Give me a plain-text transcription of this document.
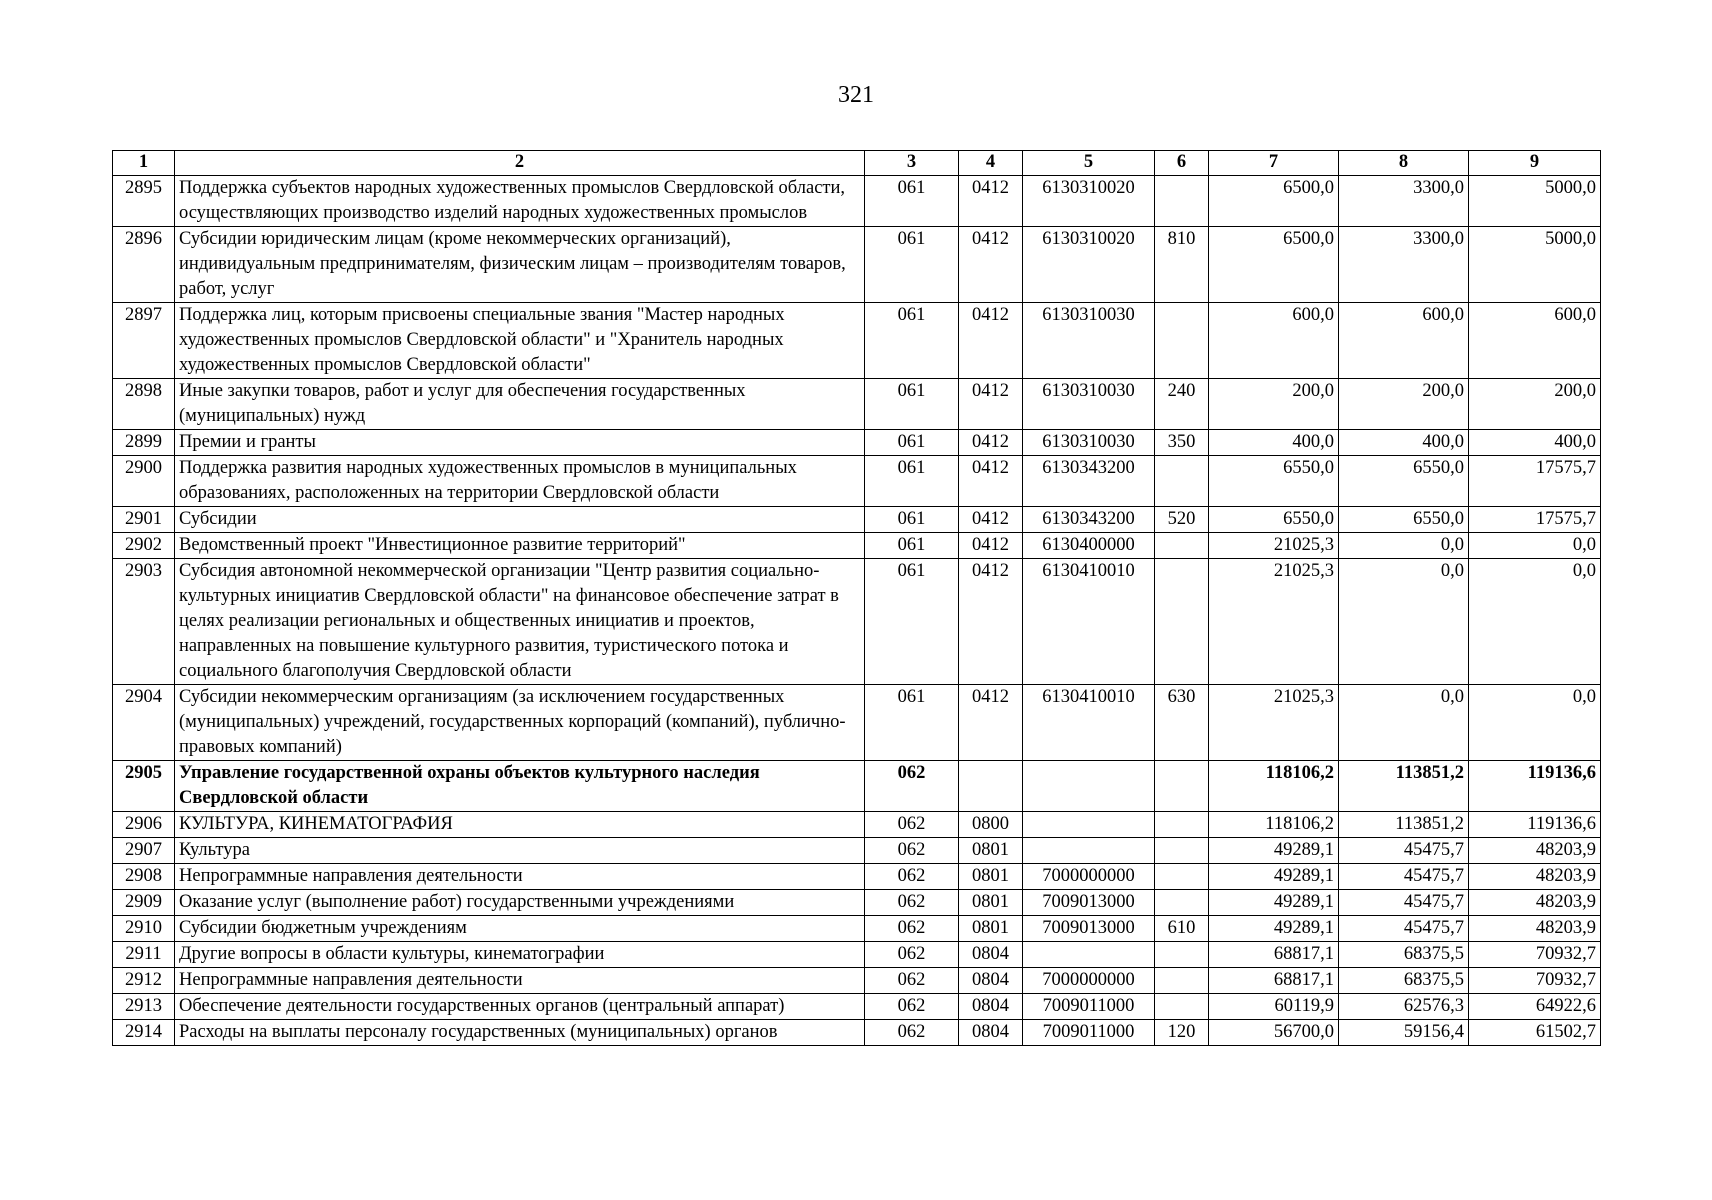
321
1	2	3	4	5	6	7	8	9
2895	Поддержка субъектов народных художественных промыслов Свердловской области, осуществляющих производство изделий народных художественных промыслов	061	0412	6130310020		6500,0	3300,0	5000,0
2896	Субсидии юридическим лицам (кроме некоммерческих организаций), индивидуальным предпринимателям, физическим лицам – производителям товаров, работ, услуг	061	0412	6130310020	810	6500,0	3300,0	5000,0
2897	Поддержка лиц, которым присвоены специальные звания "Мастер народных художественных промыслов Свердловской области" и "Хранитель народных художественных промыслов Свердловской области"	061	0412	6130310030		600,0	600,0	600,0
2898	Иные закупки товаров, работ и услуг для обеспечения государственных (муниципальных) нужд	061	0412	6130310030	240	200,0	200,0	200,0
2899	Премии и гранты	061	0412	6130310030	350	400,0	400,0	400,0
2900	Поддержка развития народных художественных промыслов в муниципальных образованиях, расположенных на территории Свердловской области	061	0412	6130343200		6550,0	6550,0	17575,7
2901	Субсидии	061	0412	6130343200	520	6550,0	6550,0	17575,7
2902	Ведомственный проект "Инвестиционное развитие территорий"	061	0412	6130400000		21025,3	0,0	0,0
2903	Субсидия автономной некоммерческой организации "Центр развития социально-культурных инициатив Свердловской области" на финансовое обеспечение затрат в целях реализации региональных и общественных инициатив и проектов, направленных на повышение культурного развития, туристического потока и социального благополучия Свердловской области	061	0412	6130410010		21025,3	0,0	0,0
2904	Субсидии некоммерческим организациям (за исключением государственных (муниципальных) учреждений, государственных корпораций (компаний), публично-правовых компаний)	061	0412	6130410010	630	21025,3	0,0	0,0
2905	Управление государственной охраны объектов культурного наследия Свердловской области	062				118106,2	113851,2	119136,6
2906	КУЛЬТУРА, КИНЕМАТОГРАФИЯ	062	0800			118106,2	113851,2	119136,6
2907	Культура	062	0801			49289,1	45475,7	48203,9
2908	Непрограммные направления деятельности	062	0801	7000000000		49289,1	45475,7	48203,9
2909	Оказание услуг (выполнение работ) государственными учреждениями	062	0801	7009013000		49289,1	45475,7	48203,9
2910	Субсидии бюджетным учреждениям	062	0801	7009013000	610	49289,1	45475,7	48203,9
2911	Другие вопросы в области культуры, кинематографии	062	0804			68817,1	68375,5	70932,7
2912	Непрограммные направления деятельности	062	0804	7000000000		68817,1	68375,5	70932,7
2913	Обеспечение деятельности государственных органов (центральный аппарат)	062	0804	7009011000		60119,9	62576,3	64922,6
2914	Расходы на выплаты персоналу государственных (муниципальных) органов	062	0804	7009011000	120	56700,0	59156,4	61502,7
